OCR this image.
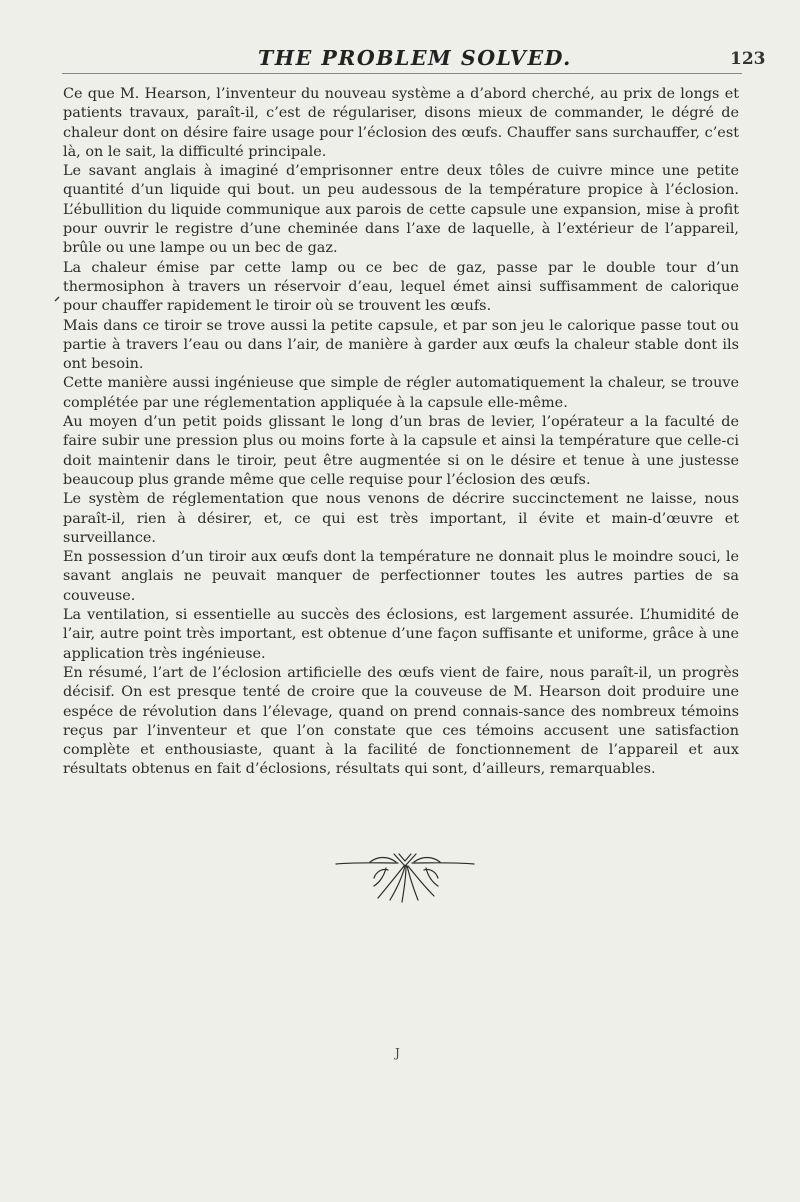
THE PROBLEM SOLVED.	123

Ce que M. Hearson, l’inventeur du nouveau système a d’abord cherché, au prix de longs et patients travaux, paraît-il, c’est de régulariser, disons mieux de commander, le dégré de chaleur dont on désire faire usage pour l’éclosion des œufs. Chauffer sans surchauffer, c’est là, on le sait, la difficulté principale.

Le savant anglais à imaginé d’emprisonner entre deux tôles de cuivre mince une petite quantité d’un liquide qui bout. un peu audessous de la température propice à l’éclosion. L’ébullition du liquide communique aux parois de cette capsule une expansion, mise à profit pour ouvrir le registre d’une cheminée dans l’axe de laquelle, à l’extérieur de l’appareil, brûle ou une lampe ou un bec de gaz.

La chaleur émise par cette lamp ou ce bec de gaz, passe par le double tour d’un thermosiphon à travers un réservoir d’eau, lequel émet ainsi suffisamment de calorique pour chauffer rapidement le tiroir où se trouvent les œufs.

Mais dans ce tiroir se trove aussi la petite capsule, et par son jeu le calorique passe tout ou partie à travers l’eau ou dans l’air, de manière à garder aux œufs la chaleur stable dont ils ont besoin.

Cette manière aussi ingénieuse que simple de régler automatiquement la chaleur, se trouve complétée par une réglementation appliquée à la capsule elle-même.

Au moyen d’un petit poids glissant le long d’un bras de levier, l’opérateur a la faculté de faire subir une pression plus ou moins forte à la capsule et ainsi la température que celle-ci doit maintenir dans le tiroir, peut être augmentée si on le désire et tenue à une justesse beaucoup plus grande même que celle requise pour l’éclosion des œufs.

Le systèm de réglementation que nous venons de décrire succinctement ne laisse, nous paraît-il, rien à désirer, et, ce qui est très important, il évite et main-d’œuvre et surveillance.

En possession d’un tiroir aux œufs dont la température ne donnait plus le moindre souci, le savant anglais ne peuvait manquer de perfectionner toutes les autres parties de sa couveuse.

La ventilation, si essentielle au succès des éclosions, est largement assurée. L’humidité de l’air, autre point très important, est obtenue d’une façon suffisante et uniforme, grâce à une application très ingénieuse.

En résumé, l’art de l’éclosion artificielle des œufs vient de faire, nous paraît-il, un progrès décisif. On est presque tenté de croire que la couveuse de M. Hearson doit produire une espéce de révolution dans l’élevage, quand on prend connais-sance des nombreux témoins reçus par l’inventeur et que l’on constate que ces témoins accusent une satisfaction complète et enthousiaste, quant à la facilité de fonctionnement de l’appareil et aux résultats obtenus en fait d’éclosions, résultats qui sont, d’ailleurs, remarquables.

J
